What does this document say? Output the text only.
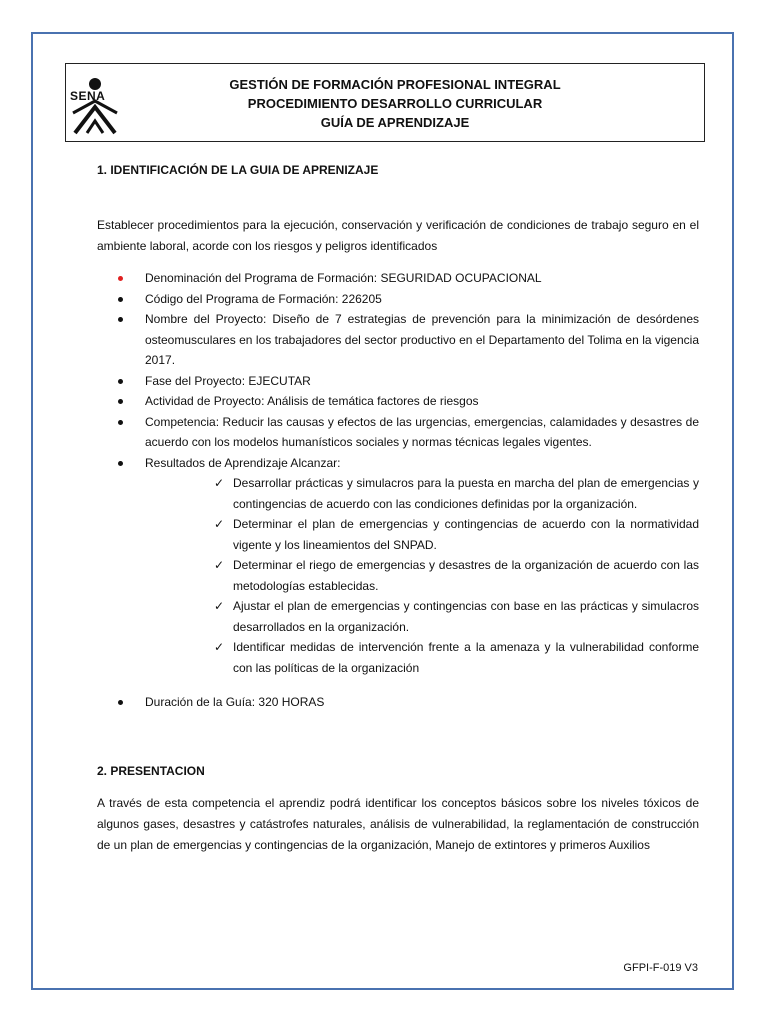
SENA
GESTIÓN DE FORMACIÓN PROFESIONAL INTEGRAL
PROCEDIMIENTO DESARROLLO CURRICULAR
GUÍA DE APRENDIZAJE
1. IDENTIFICACIÓN DE LA GUIA DE APRENIZAJE

Establecer procedimientos para la ejecución, conservación y verificación de condiciones de trabajo seguro en el ambiente laboral, acorde con los riesgos y peligros identificados

Denominación del Programa de Formación: SEGURIDAD OCUPACIONAL
Código del Programa de Formación: 226205
Nombre del Proyecto: Diseño de 7 estrategias de prevención para la minimización de desórdenes osteomusculares en los trabajadores del sector productivo en el Departamento del Tolima en la vigencia 2017.
Fase del Proyecto: EJECUTAR
Actividad de Proyecto: Análisis de temática factores de riesgos
Competencia: Reducir las causas y efectos de las urgencias, emergencias, calamidades y desastres de acuerdo con los modelos humanísticos sociales y normas técnicas legales vigentes.
Resultados de Aprendizaje Alcanzar:
✓ Desarrollar prácticas y simulacros para la puesta en marcha del plan de emergencias y contingencias de acuerdo con las condiciones definidas por la organización.
✓ Determinar el plan de emergencias y contingencias de acuerdo con la normatividad vigente y los lineamientos del SNPAD.
✓ Determinar el riego de emergencias y desastres de la organización de acuerdo con las metodologías establecidas.
✓ Ajustar el plan de emergencias y contingencias con base en las prácticas y simulacros desarrollados en la organización.
✓ Identificar medidas de intervención frente a la amenaza y la vulnerabilidad conforme con las políticas de la organización
Duración de la Guía: 320 HORAS
2. PRESENTACION

A través de esta competencia el aprendiz podrá identificar los conceptos básicos sobre los niveles tóxicos de algunos gases, desastres y catástrofes naturales, análisis de vulnerabilidad, la reglamentación de construcción de un plan de emergencias y contingencias de la organización, Manejo de extintores y primeros Auxilios

GFPI-F-019 V3
